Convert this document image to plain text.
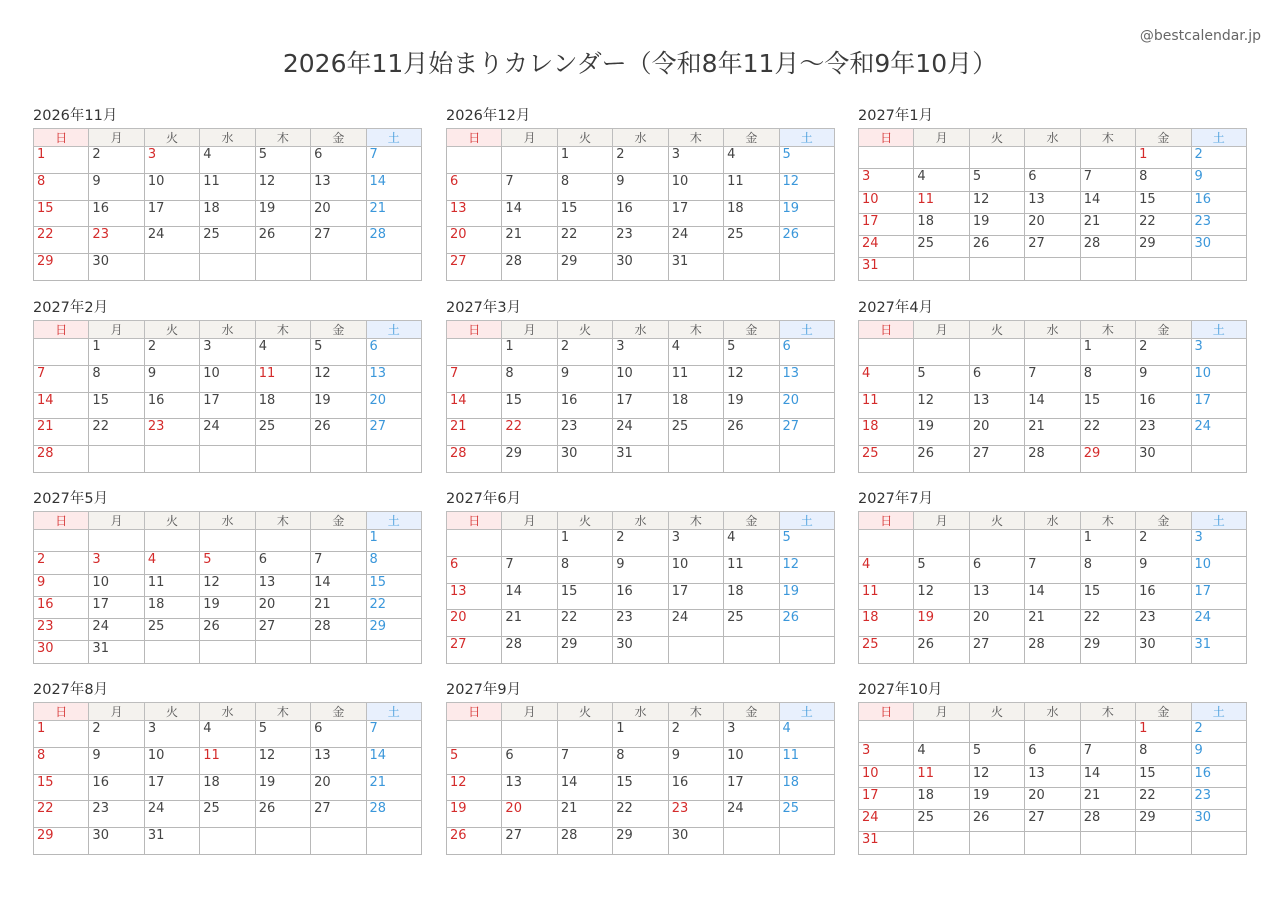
2026年11月始まりカレンダー（令和8年11月〜令和9年10月）
@bestcalendar.jp
2026年11月
日	月	火	水	木	金	土
1	2	3	4	5	6	7
8	9	10	11	12	13	14
15	16	17	18	19	20	21
22	23	24	25	26	27	28
29	30					
2026年12月
日	月	火	水	木	金	土
		1	2	3	4	5
6	7	8	9	10	11	12
13	14	15	16	17	18	19
20	21	22	23	24	25	26
27	28	29	30	31		
2027年1月
日	月	火	水	木	金	土
					1	2
3	4	5	6	7	8	9
10	11	12	13	14	15	16
17	18	19	20	21	22	23
24	25	26	27	28	29	30
31						
2027年2月
日	月	火	水	木	金	土
	1	2	3	4	5	6
7	8	9	10	11	12	13
14	15	16	17	18	19	20
21	22	23	24	25	26	27
28						
2027年3月
日	月	火	水	木	金	土
	1	2	3	4	5	6
7	8	9	10	11	12	13
14	15	16	17	18	19	20
21	22	23	24	25	26	27
28	29	30	31			
2027年4月
日	月	火	水	木	金	土
				1	2	3
4	5	6	7	8	9	10
11	12	13	14	15	16	17
18	19	20	21	22	23	24
25	26	27	28	29	30	
2027年5月
日	月	火	水	木	金	土
						1
2	3	4	5	6	7	8
9	10	11	12	13	14	15
16	17	18	19	20	21	22
23	24	25	26	27	28	29
30	31					
2027年6月
日	月	火	水	木	金	土
		1	2	3	4	5
6	7	8	9	10	11	12
13	14	15	16	17	18	19
20	21	22	23	24	25	26
27	28	29	30			
2027年7月
日	月	火	水	木	金	土
				1	2	3
4	5	6	7	8	9	10
11	12	13	14	15	16	17
18	19	20	21	22	23	24
25	26	27	28	29	30	31
2027年8月
日	月	火	水	木	金	土
1	2	3	4	5	6	7
8	9	10	11	12	13	14
15	16	17	18	19	20	21
22	23	24	25	26	27	28
29	30	31				
2027年9月
日	月	火	水	木	金	土
			1	2	3	4
5	6	7	8	9	10	11
12	13	14	15	16	17	18
19	20	21	22	23	24	25
26	27	28	29	30		
2027年10月
日	月	火	水	木	金	土
					1	2
3	4	5	6	7	8	9
10	11	12	13	14	15	16
17	18	19	20	21	22	23
24	25	26	27	28	29	30
31						
